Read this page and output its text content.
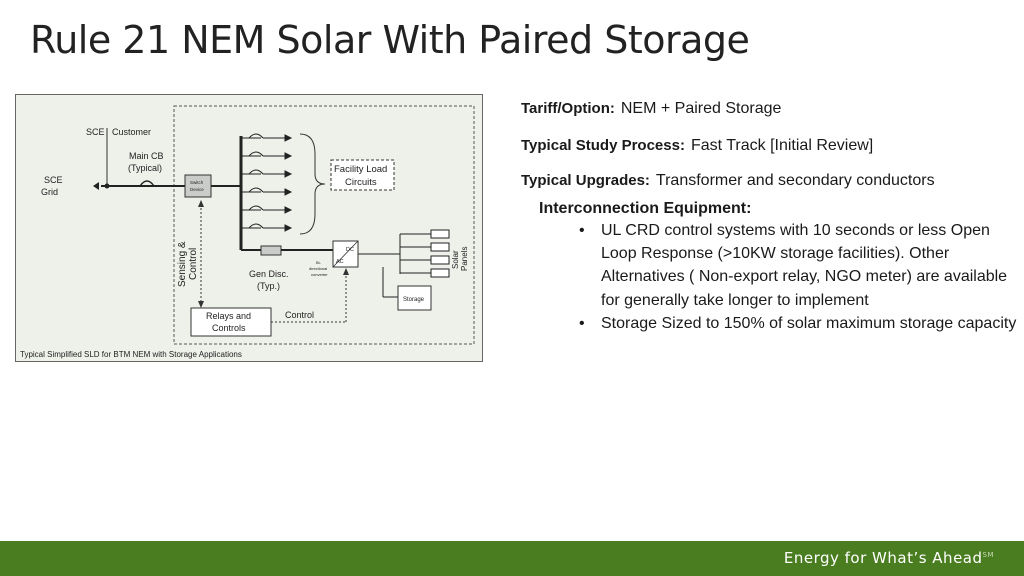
Rule 21 NEM Solar With Paired Storage
SCE Customer
SCE
Grid
Main CB
(Typical)
Switch
Device
Facility Load
Circuits
Gen Disc.
(Typ.)
DC
AC
Bi-
directional
converter
Solar Panels
Storage
Sensing & Control
Relays and
Controls
Control
Typical Simplified SLD for BTM NEM with Storage Applications
Tariff/Option: NEM + Paired Storage
Typical Study Process: Fast Track [Initial Review]
Typical Upgrades: Transformer and secondary conductors
Interconnection Equipment:
• UL CRD control systems with 10 seconds or less Open Loop Response (>10KW storage facilities). Other Alternatives ( Non-export relay, NGO meter) are available for generally take longer to implement
• Storage Sized to 150% of solar maximum storage capacity
Energy for What’s Ahead℠
